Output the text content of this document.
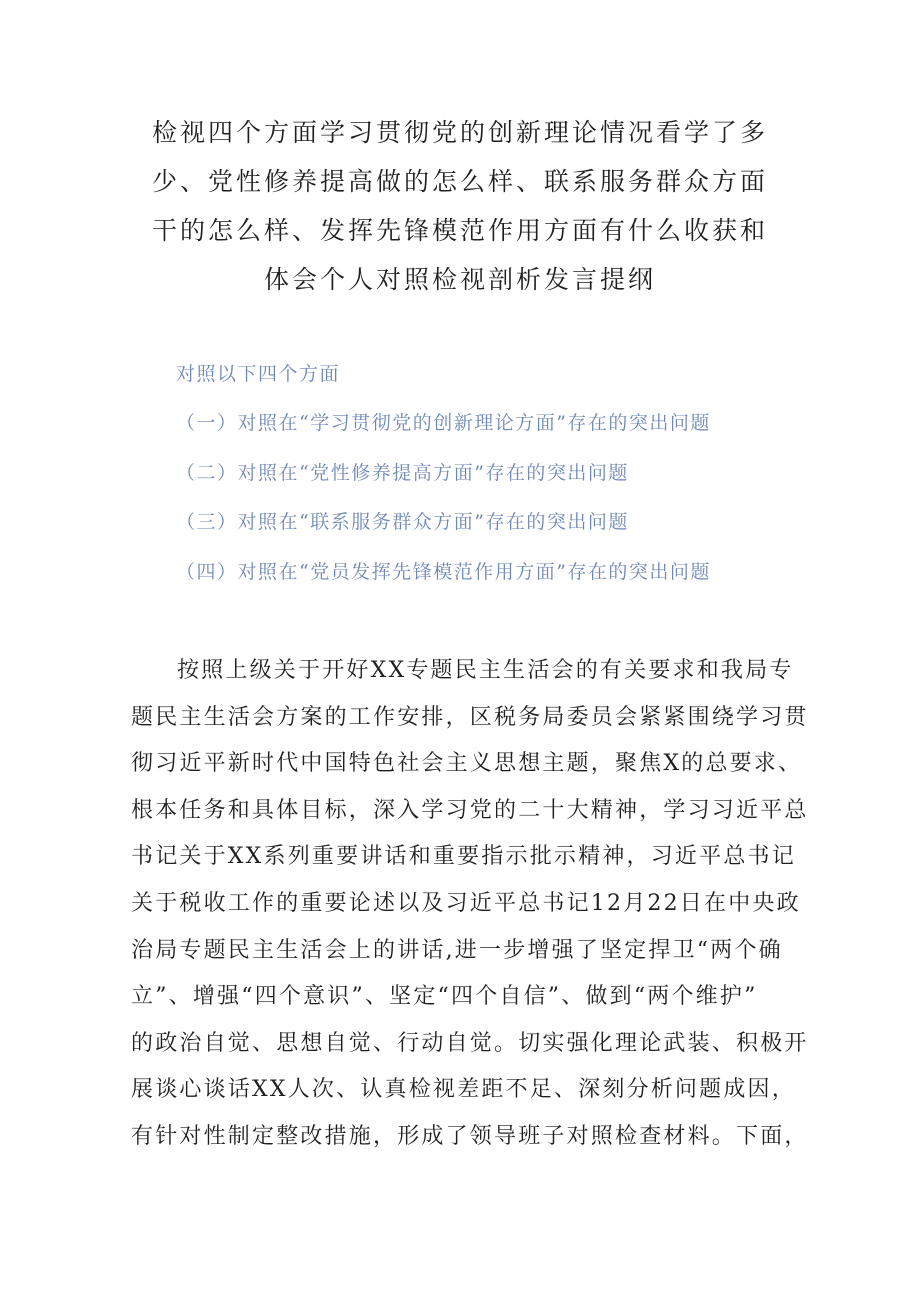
检视四个方面学习贯彻党的创新理论情况看学了多
少、党性修养提高做的怎么样、联系服务群众方面
干的怎么样、发挥先锋模范作用方面有什么收获和
体会个人对照检视剖析发言提纲
对照以下四个方面
（一）对照在“学习贯彻党的创新理论方面”存在的突出问题
（二）对照在“党性修养提高方面”存在的突出问题
（三）对照在“联系服务群众方面”存在的突出问题
（四）对照在“党员发挥先锋模范作用方面”存在的突出问题
按照上级关于开好XX专题民主生活会的有关要求和我局专
题民主生活会方案的工作安排，区税务局委员会紧紧围绕学习贯
彻习近平新时代中国特色社会主义思想主题，聚焦X的总要求、
根本任务和具体目标，深入学习党的二十大精神，学习习近平总
书记关于XX系列重要讲话和重要指示批示精神，习近平总书记
关于税收工作的重要论述以及习近平总书记12月22日在中央政
治局专题民主生活会上的讲话,进一步增强了坚定捍卫“两个确
立”、增强“四个意识”、坚定“四个自信”、做到“两个维护”
的政治自觉、思想自觉、行动自觉。切实强化理论武装、积极开
展谈心谈话XX人次、认真检视差距不足、深刻分析问题成因，
有针对性制定整改措施，形成了领导班子对照检查材料。下面，
